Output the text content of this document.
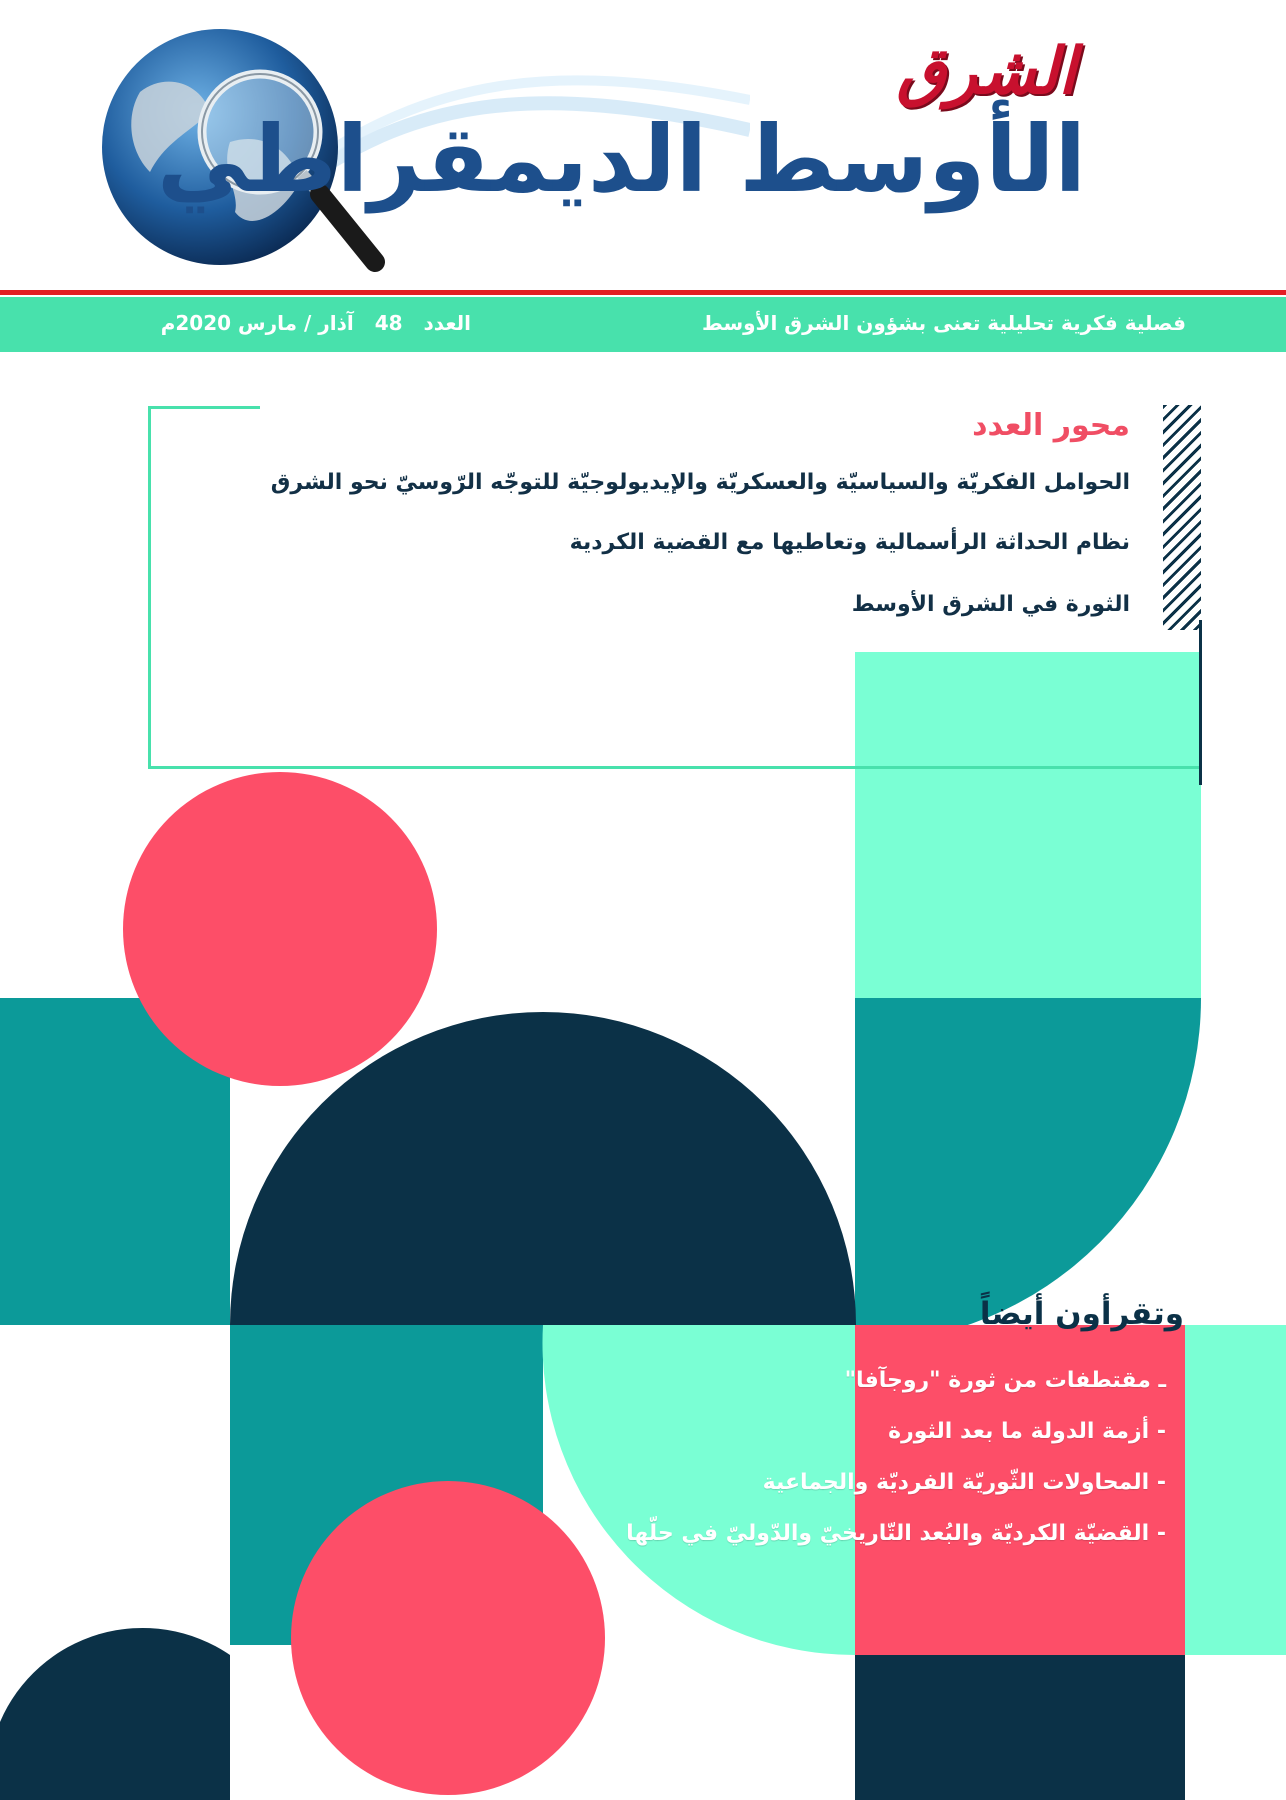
الشرق
الأوسط الديمقراطي
فصلية فكرية تحليلية تعنى بشؤون الشرق الأوسط
العدد 48 آذار / مارس 2020م
محور العدد
الحوامل الفكريّة والسياسيّة والعسكريّة والإيديولوجيّة للتوجّه الرّوسيّ نحو الشرق
نظام الحداثة الرأسمالية وتعاطيها مع القضية الكردية
الثورة في الشرق الأوسط
وتقرأون أيضاً
ـ مقتطفات من ثورة "روجآفا"
- أزمة الدولة ما بعد الثورة
- المحاولات الثّوريّة الفرديّة والجماعية
- القضيّة الكرديّة والبُعد التّاريخيّ والدّوليّ في حلّها
